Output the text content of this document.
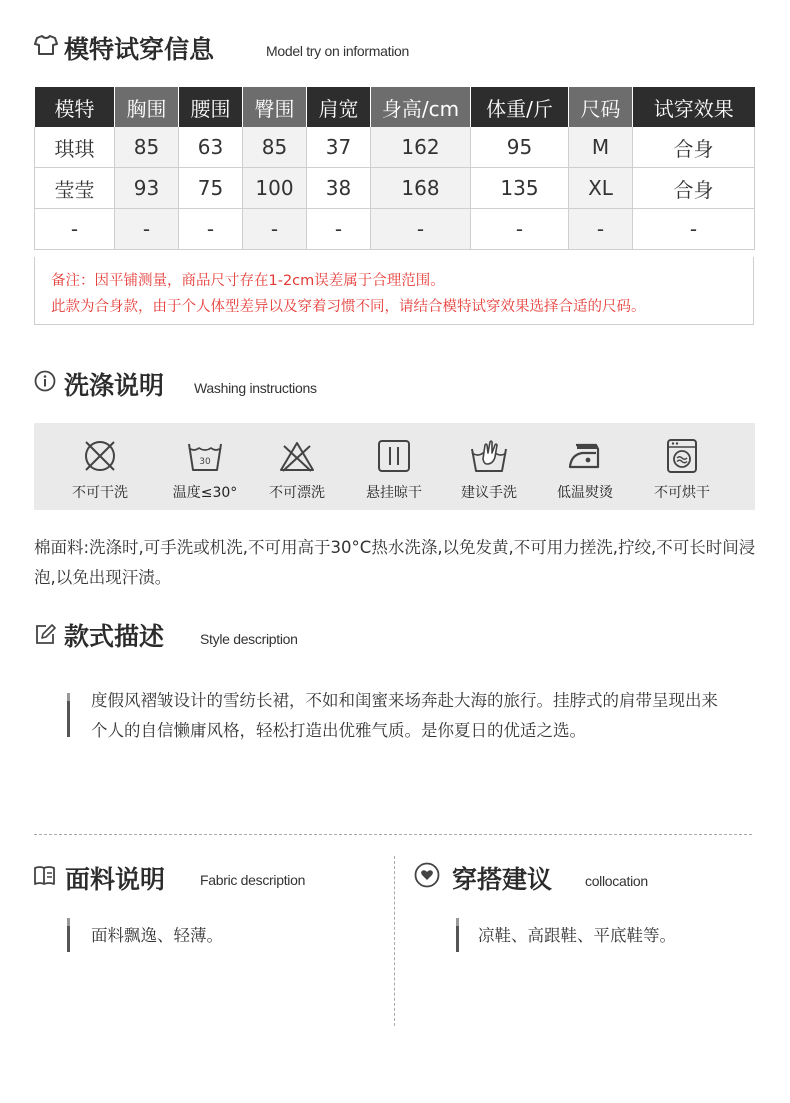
模特试穿信息	Model try on information
模特	胸围	腰围	臀围	肩宽	身高/cm	体重/斤	尺码	试穿效果
琪琪	85	63	85	37	162	95	M	合身
莹莹	93	75	100	38	168	135	XL	合身
-	-	-	-	-	-	-	-	-
备注：因平铺测量，商品尺寸存在1-2cm误差属于合理范围。
此款为合身款，由于个人体型差异以及穿着习惯不同，请结合模特试穿效果选择合适的尺码。
洗涤说明 Washing instructions
不可干洗
30
温度≤30°	不可漂洗	悬挂晾干	建议手洗	低温熨烫	不可烘干
棉面料:洗涤时,可手洗或机洗,不可用高于30°C热水洗涤,以免发黄,不可用力搓洗,拧绞,不可长时间浸泡,以免出现汗渍。
款式描述	Style description
度假风褶皱设计的雪纺长裙，不如和闺蜜来场奔赴大海的旅行。挂脖式的肩带呈现出来个人的自信懒庸风格，轻松打造出优雅气质。是你夏日的优适之选。
面料说明 Fabric description
面料飘逸、轻薄。
穿搭建议 collocation
凉鞋、高跟鞋、平底鞋等。
